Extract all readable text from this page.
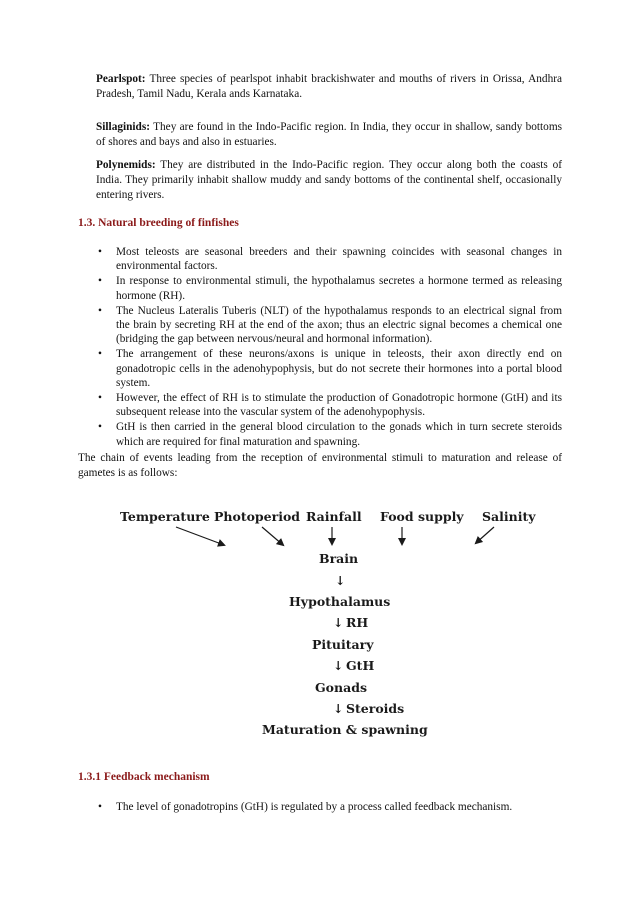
Pearlspot: Three species of pearlspot inhabit brackishwater and mouths of rivers in Orissa, Andhra Pradesh, Tamil Nadu, Kerala ands Karnataka.

Sillaginids: They are found in the Indo-Pacific region. In India, they occur in shallow, sandy bottoms of shores and bays and also in estuaries.

Polynemids: They are distributed in the Indo-Pacific region. They occur along both the coasts of India. They primarily inhabit shallow muddy and sandy bottoms of the continental shelf, occasionally entering rivers.

1.3. Natural breeding of finfishes
• Most teleosts are seasonal breeders and their spawning coincides with seasonal changes in environmental factors.
• In response to environmental stimuli, the hypothalamus secretes a hormone termed as releasing hormone (RH).
• The Nucleus Lateralis Tuberis (NLT) of the hypothalamus responds to an electrical signal from the brain by secreting RH at the end of the axon; thus an electric signal becomes a chemical one (bridging the gap between nervous/neural and hormonal information).
• The arrangement of these neurons/axons is unique in teleosts, their axon directly end on gonadotropic cells in the adenohypophysis, but do not secrete their hormones into a portal blood system.
• However, the effect of RH is to stimulate the production of Gonadotropic hormone (GtH) and its subsequent release into the vascular system of the adenohypophysis.
• GtH is then carried in the general blood circulation to the gonads which in turn secrete steroids which are required for final maturation and spawning.

The chain of events leading from the reception of environmental stimuli to maturation and release of gametes is as follows:

Temperature Photoperiod Rainfall Food supply Salinity
Brain
↓
Hypothalamus
↓ RH
Pituitary
↓ GtH
Gonads
↓ Steroids
Maturation & spawning
1.3.1 Feedback mechanism
• The level of gonadotropins (GtH) is regulated by a process called feedback mechanism.
